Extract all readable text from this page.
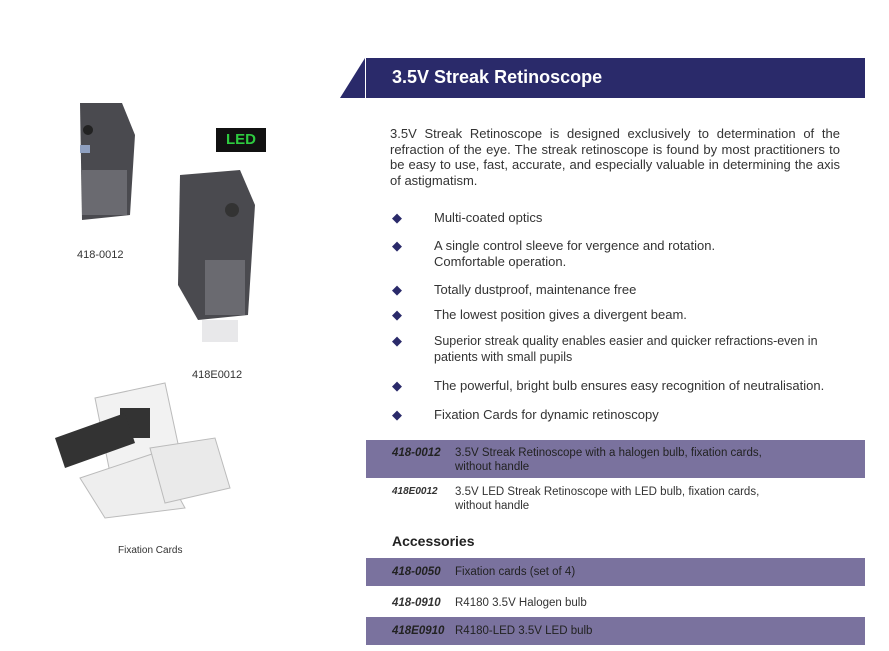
418-0012
LED
418E0012
Fixation Cards
3.5V Streak Retinoscope
3.5V Streak Retinoscope is designed exclusively to determination of the refraction of the eye. The streak retinoscope is found by most practitioners to be easy to use, fast, accurate, and especially valuable in determining the axis of astigmatism.
◆ Multi-coated optics
◆ A single control sleeve for vergence and rotation.
Comfortable operation.
◆ Totally dustproof, maintenance free
◆ The lowest position gives a divergent beam.
◆	Superior streak quality enables easier and quicker refractions-even in
patients with small pupils
◆ The powerful, bright bulb ensures easy recognition of neutralisation.
◆ Fixation Cards for dynamic retinoscopy
418-0012 3.5V Streak Retinoscope with a halogen bulb, fixation cards,
without handle
418E0012 3.5V LED Streak Retinoscope with LED bulb, fixation cards,
without handle
Accessories
418-0050 Fixation cards (set of 4)
418-0910 R4180 3.5V Halogen bulb
418E0910 R4180-LED 3.5V LED bulb
